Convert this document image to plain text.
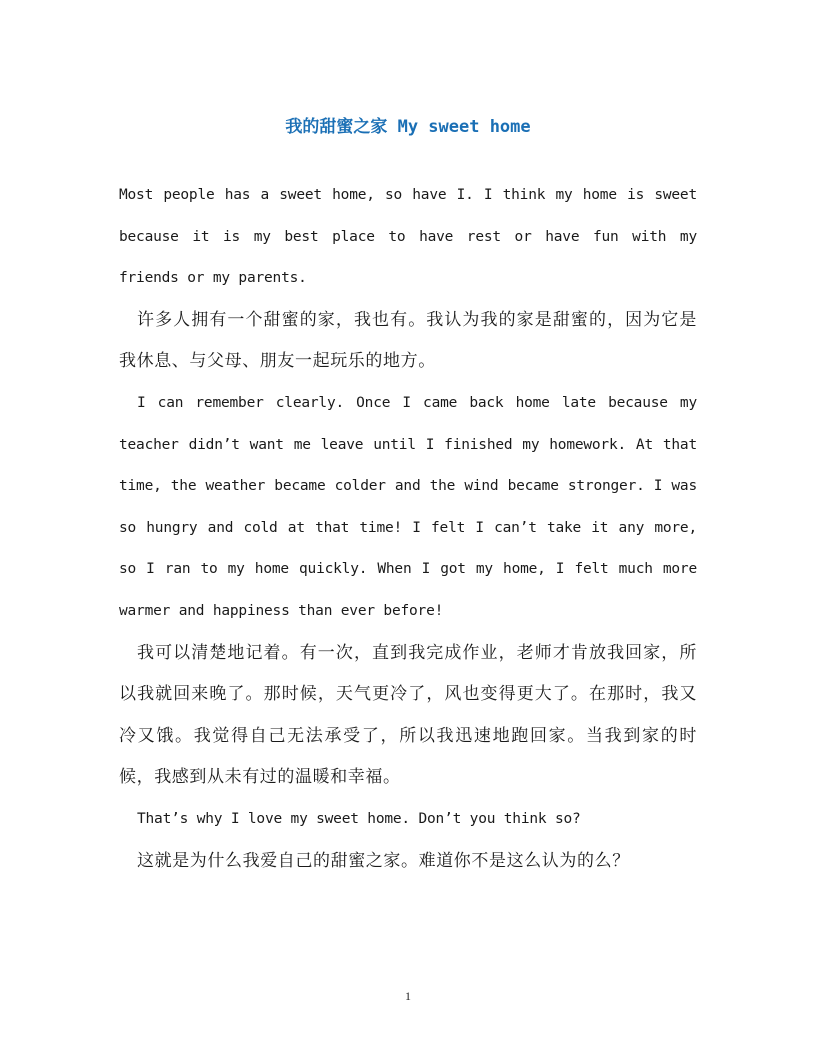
我的甜蜜之家 My sweet home

Most people has a sweet home, so have I. I think my home is sweet because it is my best place to have rest or have fun with my friends or my parents.

许多人拥有一个甜蜜的家，我也有。我认为我的家是甜蜜的，因为它是我休息、与父母、朋友一起玩乐的地方。

I can remember clearly. Once I came back home late because my teacher didn’t want me leave until I finished my homework. At that time, the weather became colder and the wind became stronger. I was so hungry and cold at that time! I felt I can’t take it any more, so I ran to my home quickly. When I got my home, I felt much more warmer and happiness than ever before!

我可以清楚地记着。有一次，直到我完成作业，老师才肯放我回家，所以我就回来晚了。那时候，天气更冷了，风也变得更大了。在那时，我又冷又饿。我觉得自己无法承受了，所以我迅速地跑回家。当我到家的时候，我感到从未有过的温暖和幸福。

That’s why I love my sweet home. Don’t you think so?

这就是为什么我爱自己的甜蜜之家。难道你不是这么认为的么？

1
